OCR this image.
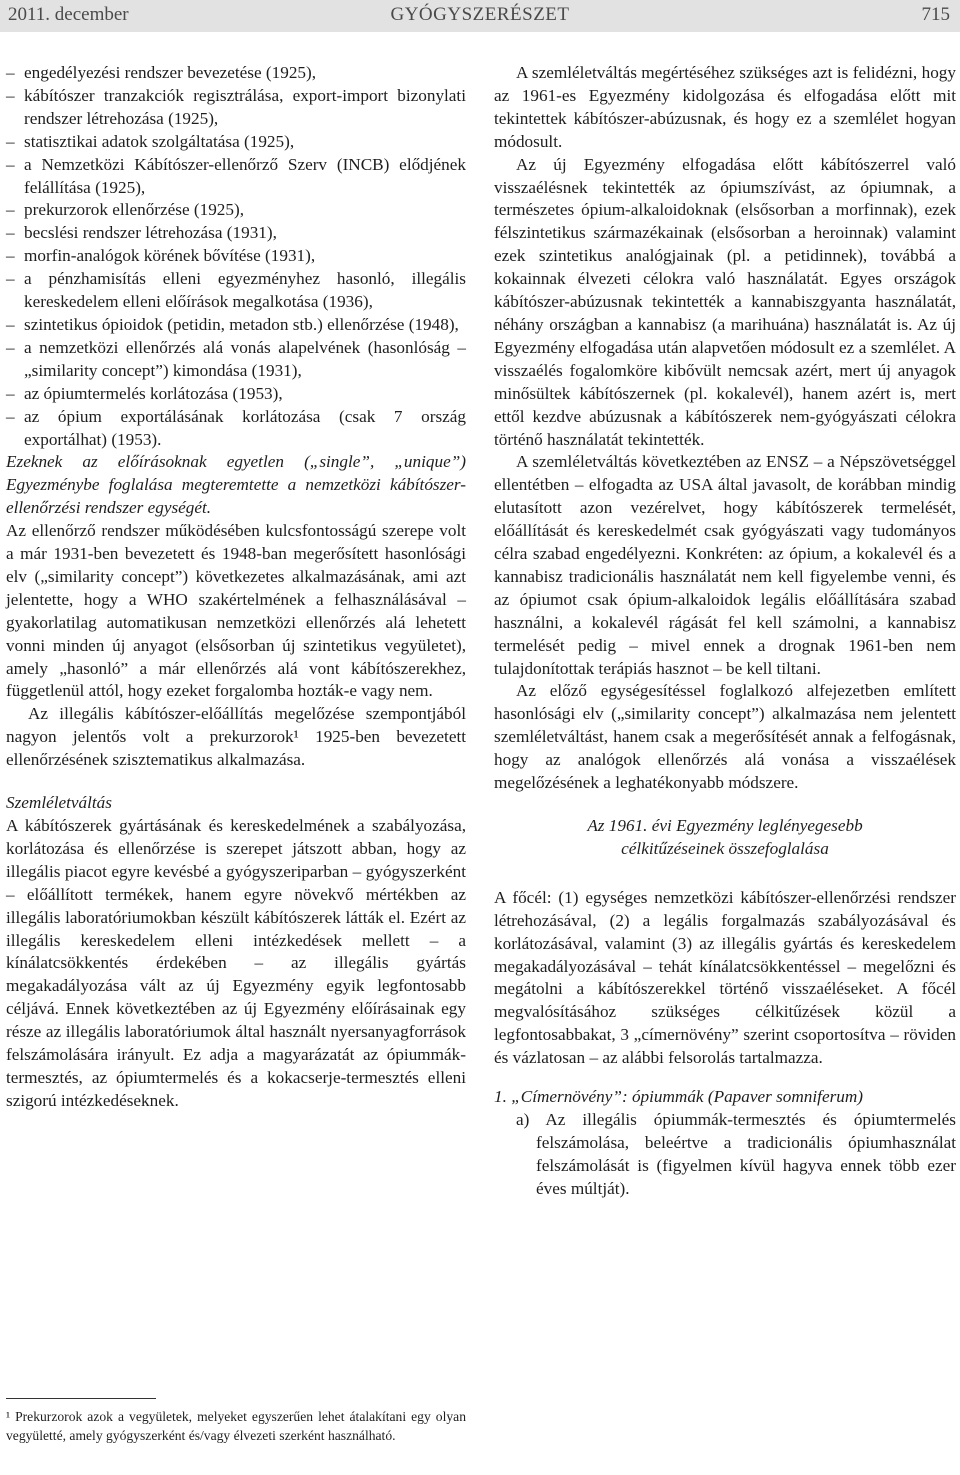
GYÓGYSZERÉSZET
2011. december	715
– engedélyezési rendszer bevezetése (1925),
– kábítószer tranzakciók regisztrálása, export-import bizonylati rendszer létrehozása (1925),
– statisztikai adatok szolgáltatása (1925),
– a Nemzetközi Kábítószer-ellenőrző Szerv (INCB) elődjének felállítása (1925),
– prekurzorok ellenőrzése (1925),
– becslési rendszer létrehozása (1931),
– morfin-analógok körének bővítése (1931),
– a pénzhamisítás elleni egyezményhez hasonló, illegális kereskedelem elleni előírások megalkotása (1936),
– szintetikus ópioidok (petidin, metadon stb.) ellenőrzése (1948),
– a nemzetközi ellenőrzés alá vonás alapelvének (hasonlóság – „similarity concept”) kimondása (1931),
– az ópiumtermelés korlátozása (1953),
– az ópium exportálásának korlátozása (csak 7 ország exportálhat) (1953).

Ezeknek az előírásoknak egyetlen („single”, „unique”) Egyezménybe foglalása megteremtette a nemzetközi kábítószer-ellenőrzési rendszer egységét.

Az ellenőrző rendszer működésében kulcsfontosságú szerepe volt a már 1931-ben bevezetett és 1948-ban megerősített hasonlósági elv („similarity concept”) következetes alkalmazásának, ami azt jelentette, hogy a WHO szakértelmének a felhasználásával – gyakorlatilag automatikusan nemzetközi ellenőrzés alá lehetett vonni minden új anyagot (elsősorban új szintetikus vegyületet), amely „hasonló” a már ellenőrzés alá vont kábítószerekhez, függetlenül attól, hogy ezeket forgalomba hozták-e vagy nem.

Az illegális kábítószer-előállítás megelőzése szempontjából nagyon jelentős volt a prekurzorok¹ 1925-ben bevezetett ellenőrzésének szisztematikus alkalmazása.

Szemléletváltás

A kábítószerek gyártásának és kereskedelmének a szabályozása, korlátozása és ellenőrzése is szerepet játszott abban, hogy az illegális piacot egyre kevésbé a gyógyszeriparban – gyógyszerként – előállított termékek, hanem egyre növekvő mértékben az illegális laboratóriumokban készült kábítószerek látták el. Ezért az illegális kereskedelem elleni intézkedések mellett – a kínálatcsökkentés érdekében – az illegális gyártás megakadályozása vált az új Egyezmény egyik legfontosabb céljává. Ennek következtében az új Egyezmény előírásainak egy része az illegális laboratóriumok által használt nyersanyagforrások felszámolására irányult. Ez adja a magyarázatát az ópiummák-termesztés, az ópiumtermelés és a kokacserje-termesztés elleni szigorú intézkedéseknek.

¹ Prekurzorok azok a vegyületek, melyeket egyszerűen lehet átalakítani egy olyan vegyületté, amely gyógyszerként és/vagy élvezeti szerként használható.

A szemléletváltás megértéséhez szükséges azt is felidézni, hogy az 1961-es Egyezmény kidolgozása és elfogadása előtt mit tekintettek kábítószer-abúzusnak, és hogy ez a szemlélet hogyan módosult.

Az új Egyezmény elfogadása előtt kábítószerrel való visszaélésnek tekintették az ópiumszívást, az ópiumnak, a természetes ópium-alkaloidoknak (elsősorban a morfinnak), ezek félszintetikus származékainak (elsősorban a heroinnak) valamint ezek szintetikus analógjainak (pl. a petidinnek), továbbá a kokainnak élvezeti célokra való használatát. Egyes országok kábítószer-abúzusnak tekintették a kannabiszgyanta használatát, néhány országban a kannabisz (a marihuána) használatát is. Az új Egyezmény elfogadása után alapvetően módosult ez a szemlélet. A visszaélés fogalomköre kibővült nemcsak azért, mert új anyagok minősültek kábítószernek (pl. kokalevél), hanem azért is, mert ettől kezdve abúzusnak a kábítószerek nem-gyógyászati célokra történő használatát tekintették.

A szemléletváltás következtében az ENSZ – a Népszövetséggel ellentétben – elfogadta az USA által javasolt, de korábban mindig elutasított azon vezérelvet, hogy kábítószerek termelését, előállítását és kereskedelmét csak gyógyászati vagy tudományos célra szabad engedélyezni. Konkréten: az ópium, a kokalevél és a kannabisz tradicionális használatát nem kell figyelembe venni, és az ópiumot csak ópium-alkaloidok legális előállítására szabad használni, a kokalevél rágását fel kell számolni, a kannabisz termelését pedig – mivel ennek a drognak 1961-ben nem tulajdonítottak terápiás hasznot – be kell tiltani.

Az előző egységesítéssel foglalkozó alfejezetben említett hasonlósági elv („similarity concept”) alkalmazása nem jelentett szemléletváltást, hanem csak a megerősítését annak a felfogásnak, hogy az analógok ellenőrzés alá vonása a visszaélések megelőzésének a leghatékonyabb módszere.

Az 1961. évi Egyezmény leglényegesebb
célkitűzéseinek összefoglalása

A főcél: (1) egységes nemzetközi kábítószer-ellenőrzési rendszer létrehozásával, (2) a legális forgalmazás szabályozásával és korlátozásával, valamint (3) az illegális gyártás és kereskedelem megakadályozásával – tehát kínálatcsökkentéssel – megelőzni és megátolni a kábítószerekkel történő visszaéléseket. A főcél megvalósításához szükséges célkitűzések közül a legfontosabbakat, 3 „címernövény” szerint csoportosítva – röviden és vázlatosan – az alábbi felsorolás tartalmazza.

1. „Címernövény”: ópiummák (Papaver somniferum)

a) Az illegális ópiummák-termesztés és ópiumtermelés felszámolása, beleértve a tradicionális ópiumhasználat felszámolását is (figyelmen kívül hagyva ennek több ezer éves múltját).
